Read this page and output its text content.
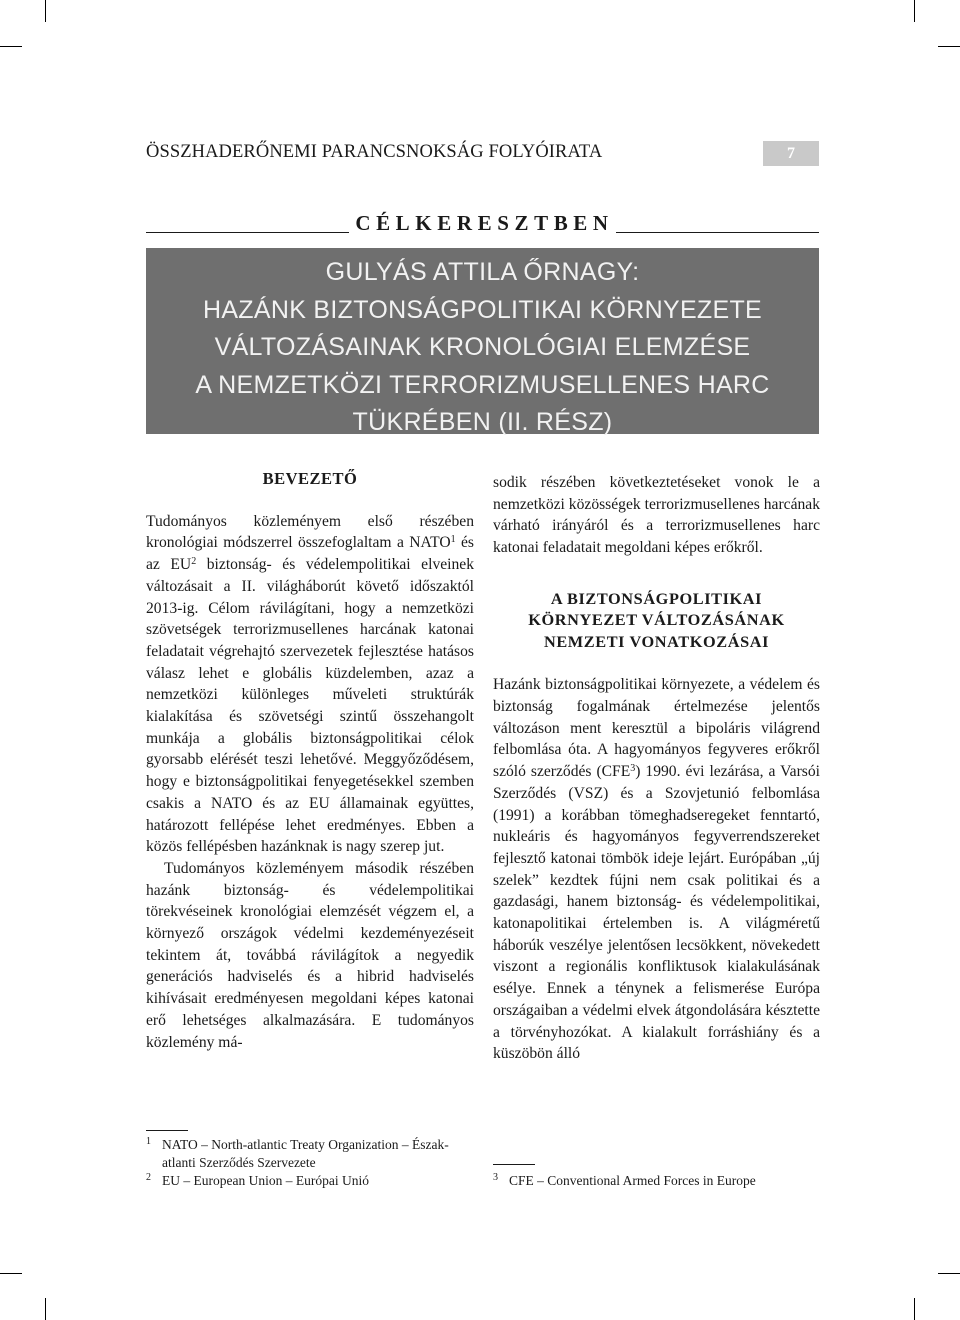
ÖSSZHADERŐNEMI PARANCSNOKSÁG FOLYÓIRATA	7
CÉLKERESZTBEN
GULYÁS ATTILA ŐRNAGY:
HAZÁNK BIZTONSÁGPOLITIKAI KÖRNYEZETE
VÁLTOZÁSAINAK KRONOLÓGIAI ELEMZÉSE
A NEMZETKÖZI TERRORIZMUSELLENES HARC
TÜKRÉBEN (II. RÉSZ)

BEVEZETŐ

Tudományos közleményem első részében kronológiai módszerrel összefoglaltam a NATO$^1$ és az $EU^2$ biztonság- és védelempolitikai elveinek változásait a II. világháborút követő időszaktól 2013-ig. Célom rávilágítani, hogy a nemzetközi szövetségek terrorizmusellenes harcának katonai feladatait végrehajtó szervezetek fejlesztése hatásos válasz lehet e globális küzdelemben, azaz a nemzetközi különleges műveleti struktúrák kialakítása és szövetségi szintű összehangolt munkája a globális biztonságpolitikai célok gyorsabb elérését teszi lehetővé. Meggyőződésem, hogy e biztonságpolitikai fenyegetésekkel szemben csakis a NATO és az EU államainak együttes, határozott fellépése lehet eredményes. Ebben a közös fellépésben hazánknak is nagy szerep jut.

Tudományos közleményem második részében hazánk biztonság- és védelempolitikai törekvéseinek kronológiai elemzését végzem el, a környező országok védelmi kezdeményezéseit tekintem át, továbbá rávilágítok a negyedik generációs hadviselés és a hibrid hadviselés kihívásait eredményesen megoldani képes katonai erő lehetséges alkalmazására. E tudományos közlemény má-

sodik részében következtetéseket vonok le a nemzetközi közösségek terrorizmusellenes harcának várható irányáról és a terrorizmusellenes harc katonai feladatait megoldani képes erőkről.

A BIZTONSÁGPOLITIKAI
KÖRNYEZET VÁLTOZÁSÁNAK
NEMZETI VONATKOZÁSAI

Hazánk biztonságpolitikai környezete, a védelem és biztonság fogalmának értelmezése jelentős változáson ment keresztül a bipoláris világrend felbomlása óta. A hagyományos fegyveres erőkről szóló szerződés (CFE$^3$) 1990. évi lezárása, a Varsói Szerződés (VSZ) és a Szovjetunió felbomlása (1991) a korábban tömeghadseregeket fenntartó, nukleáris és hagyományos fegyverrendszereket fejlesztő katonai tömbök ideje lejárt. Európában „új szelek” kezdtek fújni nem csak politikai és a gazdasági, hanem biztonság- és védelempolitikai, katonapolitikai értelemben is. A világméretű háborúk veszélye jelentősen lecsökkent, növekedett viszont a regionális konfliktusok kialakulásának esélye. Ennek a ténynek a felismerése Európa országaiban a védelmi elvek átgondolására késztette a törvényhozókat. A kialakult forráshiány és a küszöbön álló

1 NATO – North-atlantic Treaty Organization – Észak-atlanti Szerződés Szervezete
2 EU – European Union – Európai Unió	3 CFE – Conventional Armed Forces in Europe
